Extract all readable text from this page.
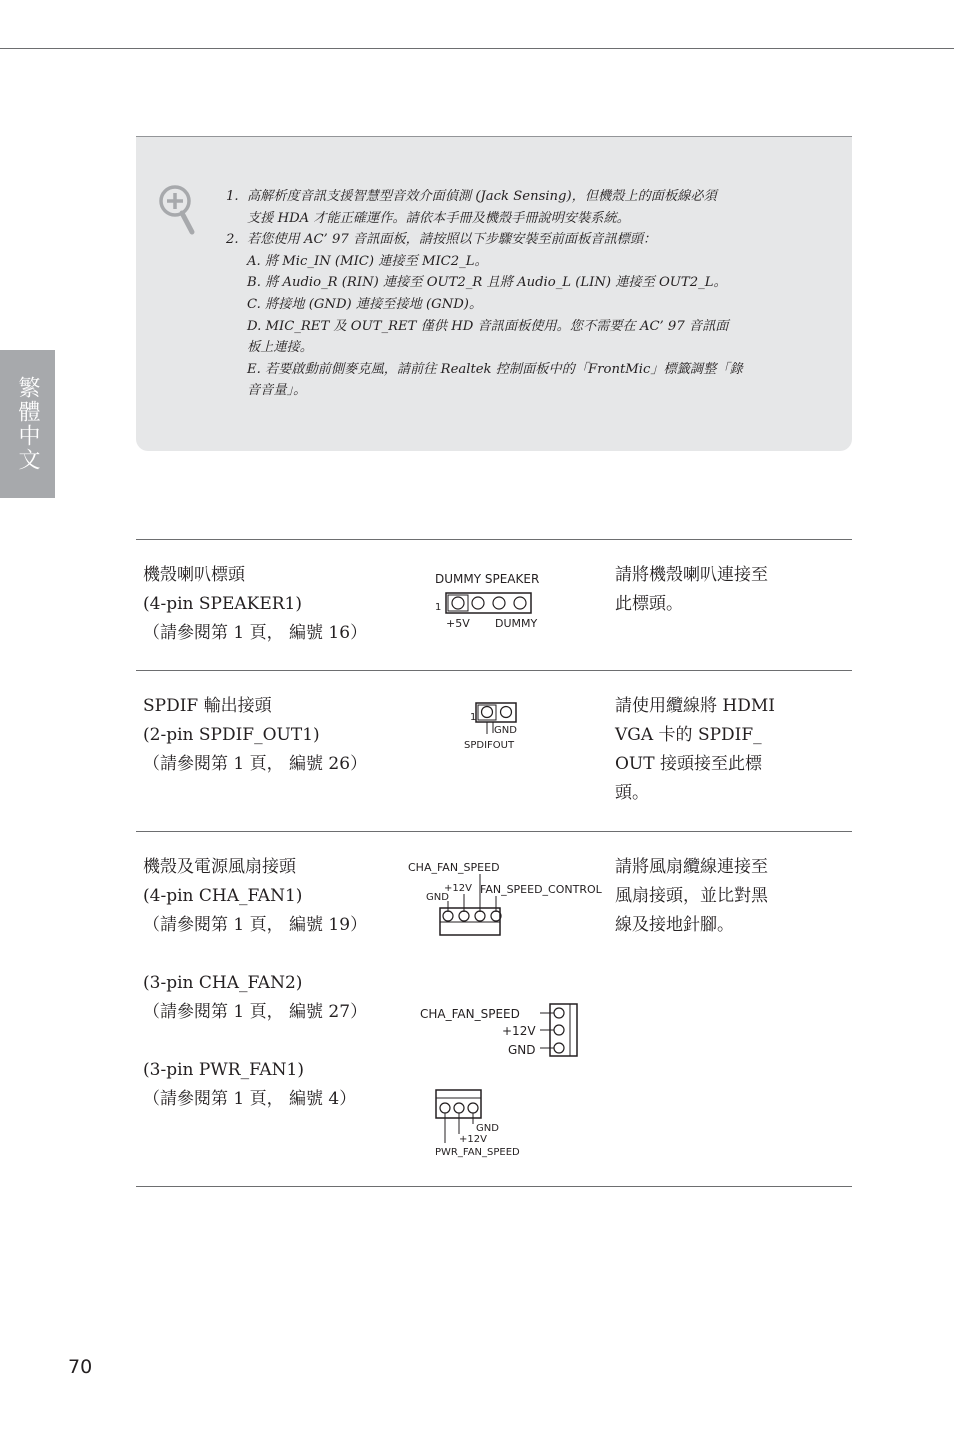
繁體中文
1. 高解析度音訊支援智慧型音效介面偵測 (Jack Sensing)，但機殼上的面板線必須
支援 HDA 才能正確運作。請依本手冊及機殼手冊說明安裝系統。
2. 若您使用 AC’ 97 音訊面板，請按照以下步驟安裝至前面板音訊標頭：
A. 將 Mic_IN (MIC) 連接至 MIC2_L。
B. 將 Audio_R (RIN) 連接至 OUT2_R 且將 Audio_L (LIN) 連接至 OUT2_L。
C. 將接地 (GND) 連接至接地 (GND)。
D. MIC_RET 及 OUT_RET 僅供 HD 音訊面板使用。您不需要在 AC’ 97 音訊面
板上連接。
E. 若要啟動前側麥克風，請前往 Realtek 控制面板中的「FrontMic」標籤調整「錄
音音量」。
機殼喇叭標頭
(4-pin SPEAKER1)
（請參閱第 1 頁， 編號 16）
DUMMY SPEAKER
1
+5V DUMMY
請將機殼喇叭連接至
此標頭。
SPDIF 輸出接頭
(2-pin SPDIF_OUT1)
（請參閱第 1 頁， 編號 26）
1
GND
SPDIFOUT
請使用纜線將 HDMI
VGA 卡的 SPDIF_
OUT 接頭接至此標
頭。
機殼及電源風扇接頭
(4-pin CHA_FAN1)
（請參閱第 1 頁， 編號 19）
(3-pin CHA_FAN2)
（請參閱第 1 頁， 編號 27）
(3-pin PWR_FAN1)
（請參閱第 1 頁， 編號 4）
CHA_FAN_SPEED
+12V
GND
FAN_SPEED_CONTROL
CHA_FAN_SPEED
+12V
GND
GND
+12V
PWR_FAN_SPEED
請將風扇纜線連接至
風扇接頭，並比對黑
線及接地針腳。
70
